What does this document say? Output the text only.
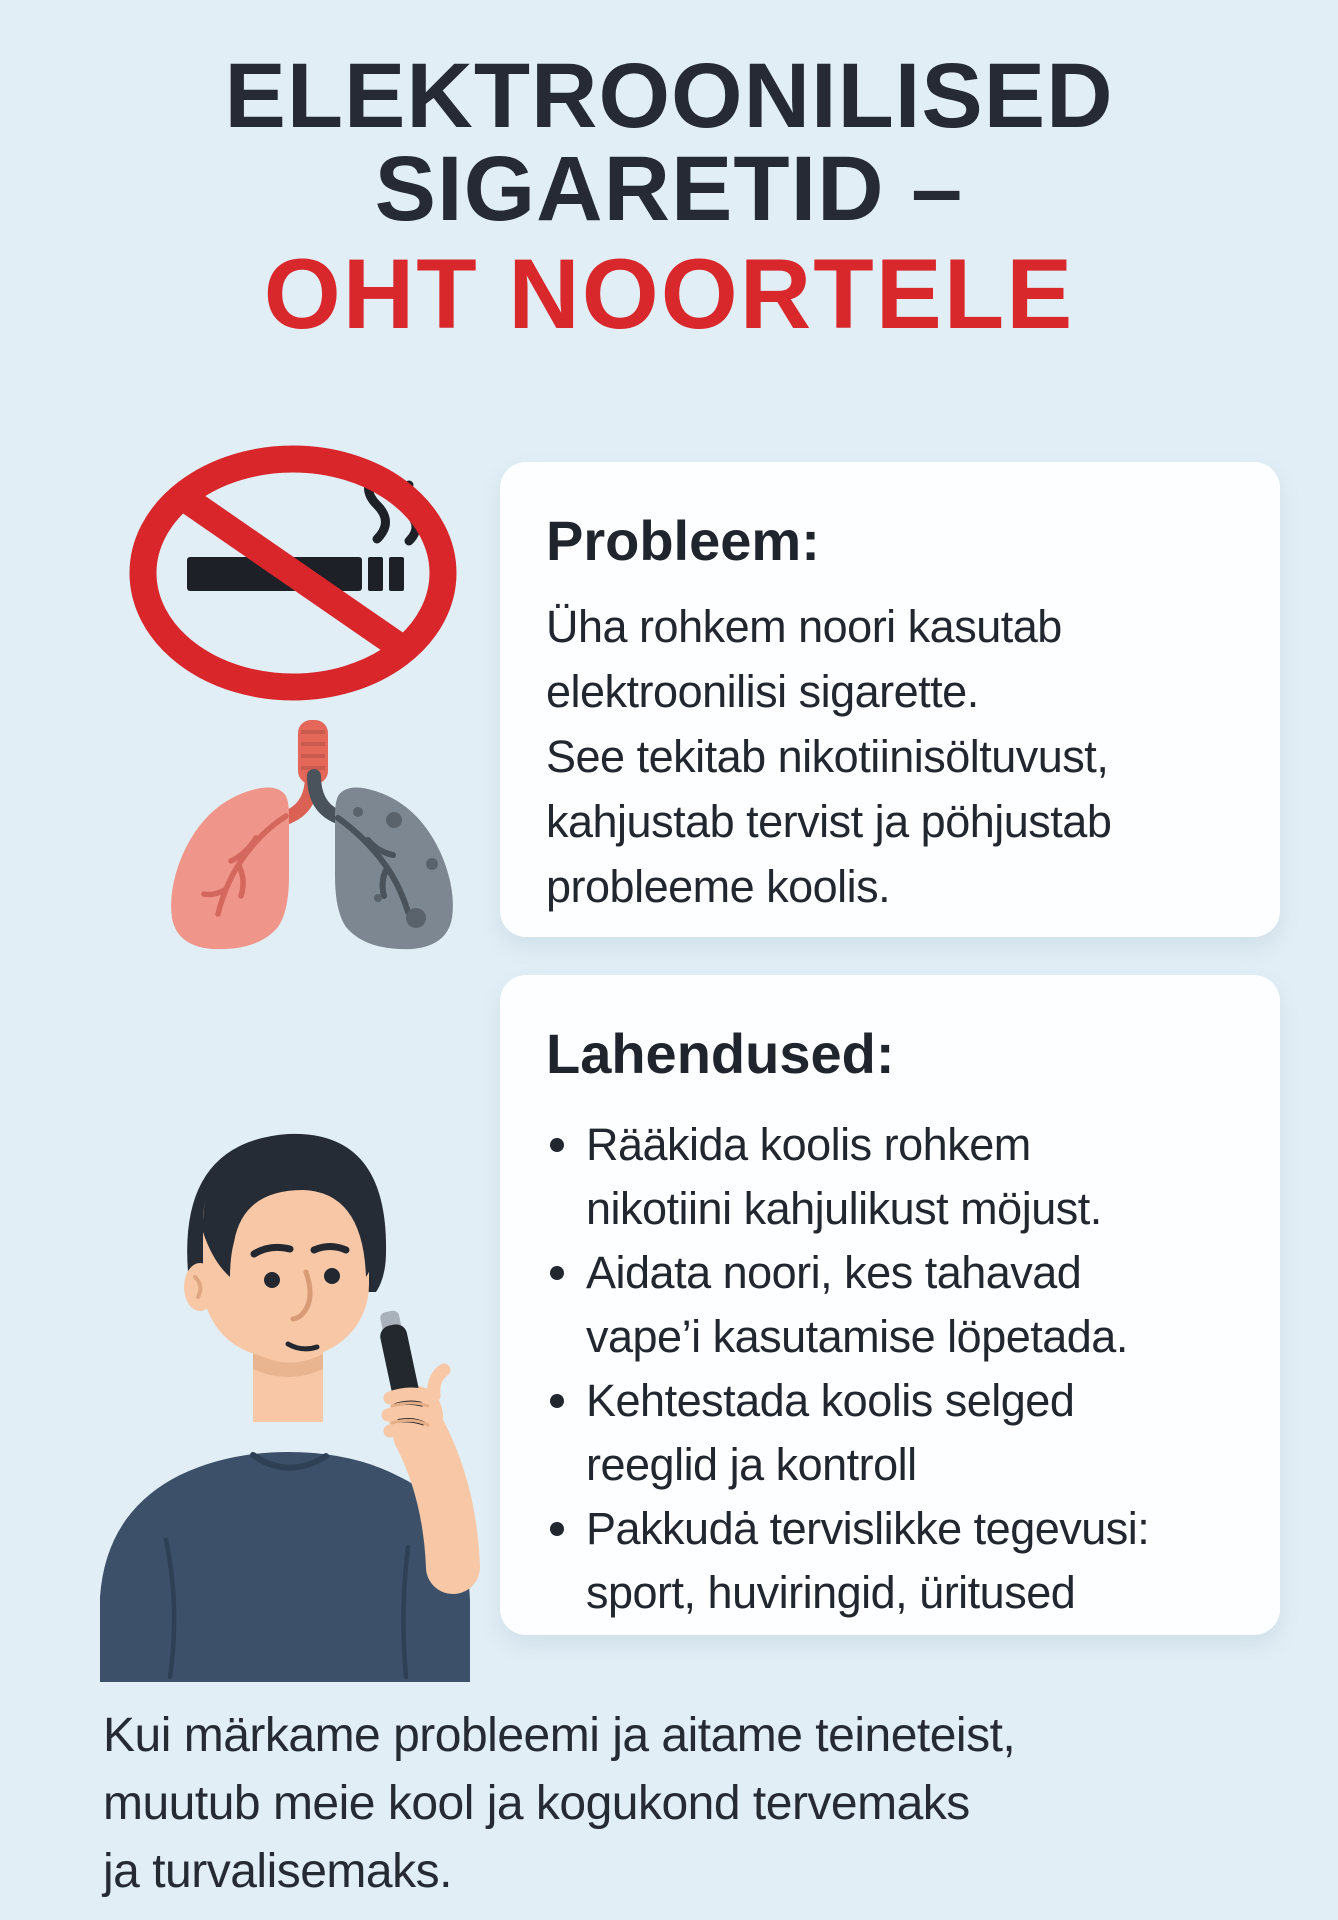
ELEKTROONILISED
SIGARETID –
OHT NOORTELE
Probleem:
Üha rohkem noori kasutab
elektroonilisi sigarette.
See tekitab nikotiinisöltuvust,
kahjustab tervist ja pöhjustab
probleeme koolis.
Lahendused:
Rääkida koolis rohkem
nikotiini kahjulikust möjust.
Aidata noori, kes tahavad
vape’i kasutamise löpetada.
Kehtestada koolis selged
reeglid ja kontroll
Pakkudȧ tervislikke tegevusi:
sport, huviringid, üritused
Kui märkame probleemi ja aitame teineteist,
muutub meie kool ja kogukond tervemaks
ja turvalisemaks.
